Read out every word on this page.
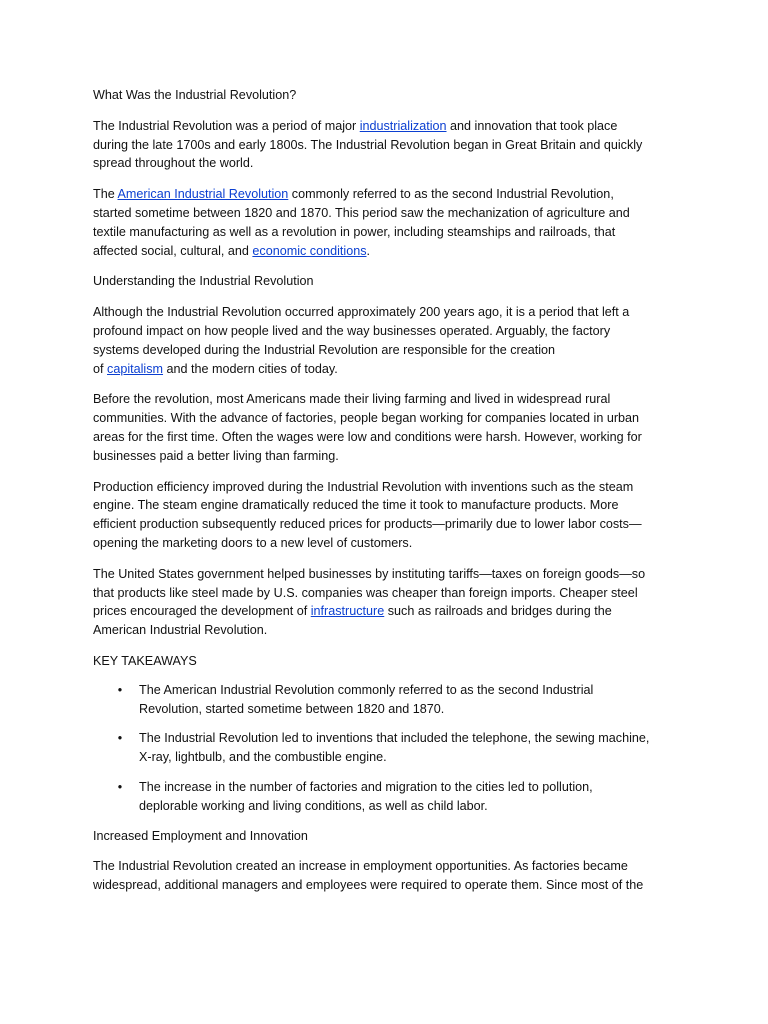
What Was the Industrial Revolution?

The Industrial Revolution was a period of major industrialization and innovation that took place
during the late 1700s and early 1800s. The Industrial Revolution began in Great Britain and quickly
spread throughout the world.

The American Industrial Revolution commonly referred to as the second Industrial Revolution,
started sometime between 1820 and 1870. This period saw the mechanization of agriculture and
textile manufacturing as well as a revolution in power, including steamships and railroads, that
affected social, cultural, and economic conditions.

Understanding the Industrial Revolution

Although the Industrial Revolution occurred approximately 200 years ago, it is a period that left a
profound impact on how people lived and the way businesses operated. Arguably, the factory
systems developed during the Industrial Revolution are responsible for the creation
of capitalism and the modern cities of today.

Before the revolution, most Americans made their living farming and lived in widespread rural
communities. With the advance of factories, people began working for companies located in urban
areas for the first time. Often the wages were low and conditions were harsh. However, working for
businesses paid a better living than farming.

Production efficiency improved during the Industrial Revolution with inventions such as the steam
engine. The steam engine dramatically reduced the time it took to manufacture products. More
efficient production subsequently reduced prices for products—primarily due to lower labor costs—
opening the marketing doors to a new level of customers.

The United States government helped businesses by instituting tariffs—taxes on foreign goods—so
that products like steel made by U.S. companies was cheaper than foreign imports. Cheaper steel
prices encouraged the development of infrastructure such as railroads and bridges during the
American Industrial Revolution.

KEY TAKEAWAYS
• The American Industrial Revolution commonly referred to as the second Industrial
Revolution, started sometime between 1820 and 1870.
• The Industrial Revolution led to inventions that included the telephone, the sewing machine,
X-ray, lightbulb, and the combustible engine.
• The increase in the number of factories and migration to the cities led to pollution,
deplorable working and living conditions, as well as child labor.
Increased Employment and Innovation

The Industrial Revolution created an increase in employment opportunities. As factories became
widespread, additional managers and employees were required to operate them. Since most of the
